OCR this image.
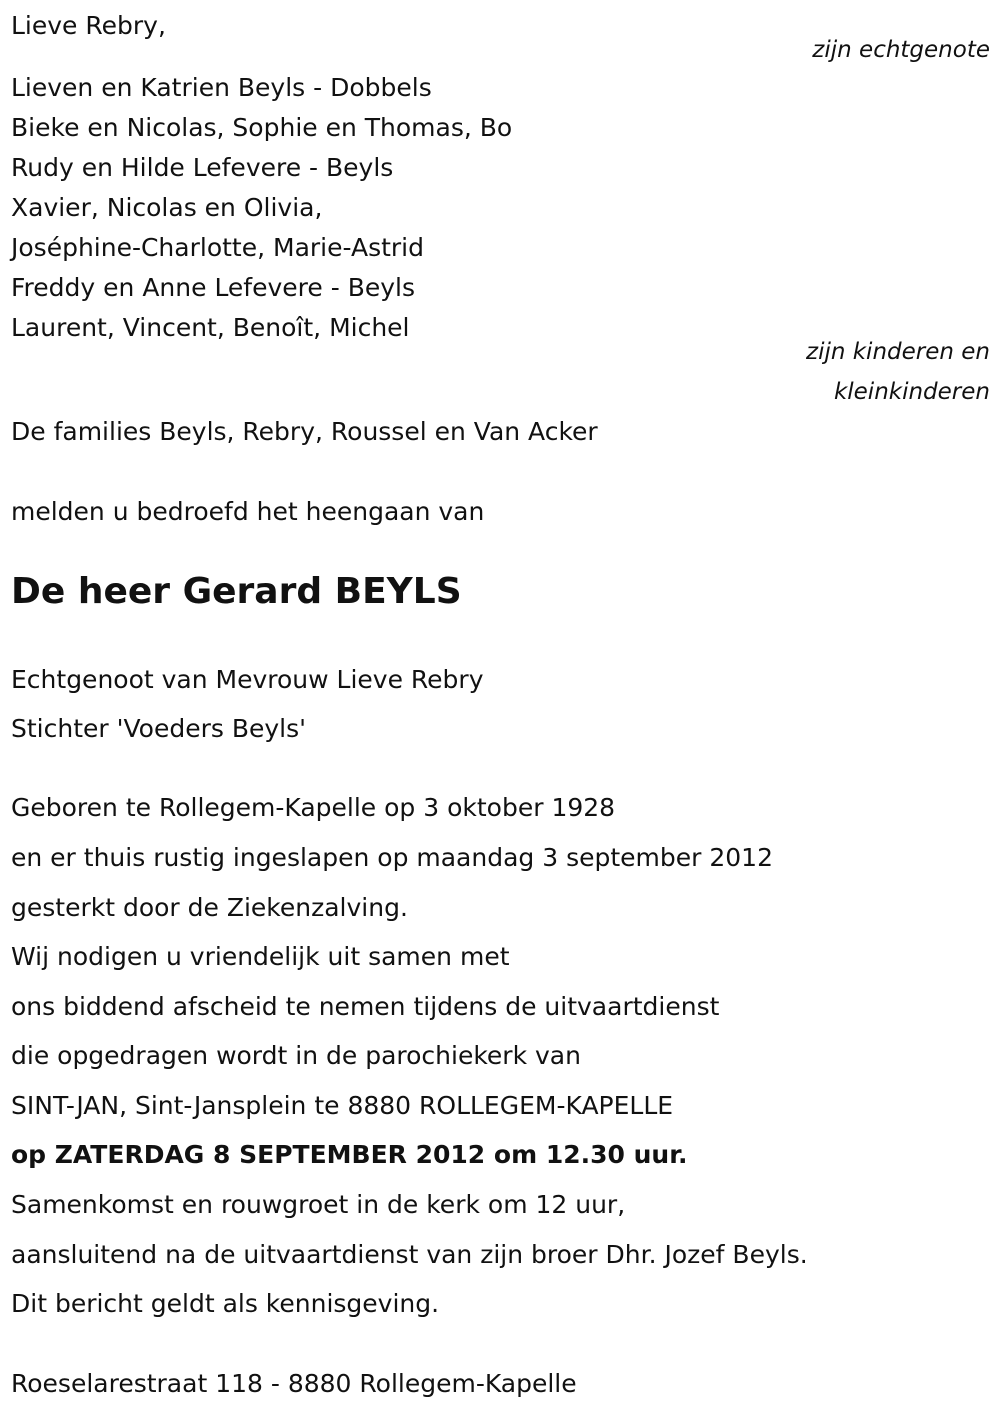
Lieve Rebry,
zijn echtgenote
Lieven en Katrien Beyls - Dobbels
Bieke en Nicolas, Sophie en Thomas, Bo
Rudy en Hilde Lefevere - Beyls
Xavier, Nicolas en Olivia,
Joséphine-Charlotte, Marie-Astrid
Freddy en Anne Lefevere - Beyls
Laurent, Vincent, Benoît, Michel
zijn kinderen en
kleinkinderen
De families Beyls, Rebry, Roussel en Van Acker
melden u bedroefd het heengaan van
De heer Gerard BEYLS
Echtgenoot van Mevrouw Lieve Rebry
Stichter 'Voeders Beyls'
Geboren te Rollegem-Kapelle op 3 oktober 1928
en er thuis rustig ingeslapen op maandag 3 september 2012
gesterkt door de Ziekenzalving.
Wij nodigen u vriendelijk uit samen met
ons biddend afscheid te nemen tijdens de uitvaartdienst
die opgedragen wordt in de parochiekerk van
SINT-JAN, Sint-Jansplein te 8880 ROLLEGEM-KAPELLE
op ZATERDAG 8 SEPTEMBER 2012 om 12.30 uur.
Samenkomst en rouwgroet in de kerk om 12 uur,
aansluitend na de uitvaartdienst van zijn broer Dhr. Jozef Beyls.
Dit bericht geldt als kennisgeving.
Roeselarestraat 118 - 8880 Rollegem-Kapelle
